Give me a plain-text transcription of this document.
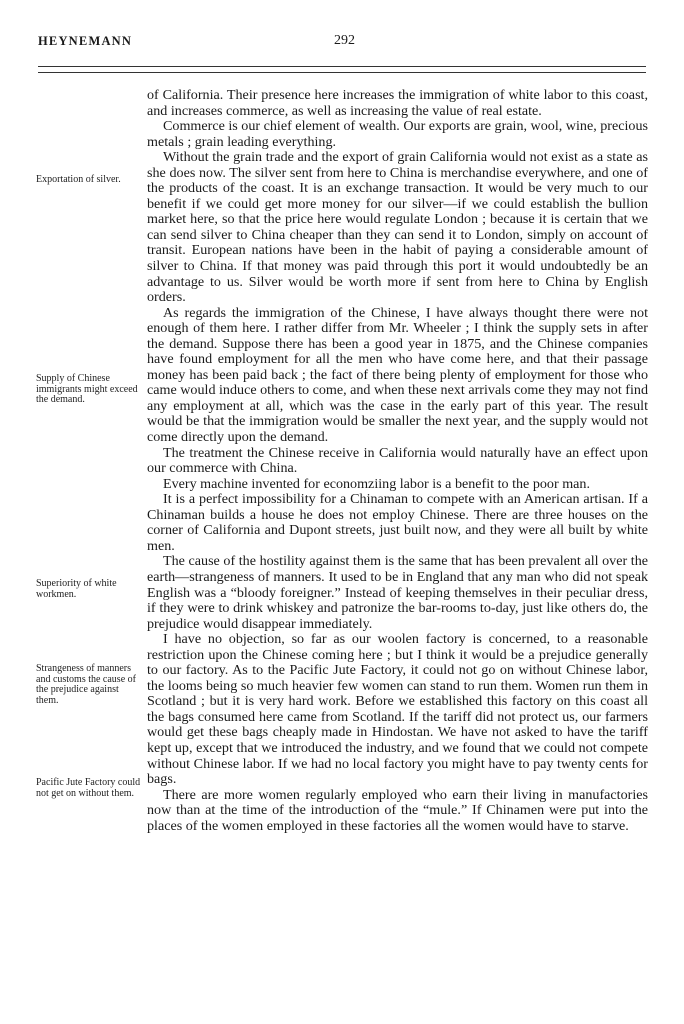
HEYNEMANN	292
Exportation of silver.
Supply of Chinese immigrants might exceed the demand.
Superiority of white workmen.
Strangeness of manners and customs the cause of the prejudice against them.
Pacific Jute Factory could not get on without them.

of California. Their presence here increases the immigration of white labor to this coast, and increases commerce, as well as increasing the value of real estate.

Commerce is our chief element of wealth. Our exports are grain, wool, wine, precious metals ; grain leading everything.

Without the grain trade and the export of grain California would not exist as a state as she does now. The silver sent from here to China is merchandise everywhere, and one of the products of the coast. It is an exchange transaction. It would be very much to our benefit if we could get more money for our silver—if we could establish the bullion market here, so that the price here would regulate London ; because it is certain that we can send silver to China cheaper than they can send it to London, simply on account of transit. European nations have been in the habit of paying a considerable amount of silver to China. If that money was paid through this port it would undoubtedly be an advantage to us. Silver would be worth more if sent from here to China by English orders.

As regards the immigration of the Chinese, I have always thought there were not enough of them here. I rather differ from Mr. Wheeler ; I think the supply sets in after the demand. Suppose there has been a good year in 1875, and the Chinese companies have found employment for all the men who have come here, and that their passage money has been paid back ; the fact of there being plenty of employment for those who came would induce others to come, and when these next arrivals come they may not find any employment at all, which was the case in the early part of this year. The result would be that the immigration would be smaller the next year, and the supply would not come directly upon the demand.

The treatment the Chinese receive in California would naturally have an effect upon our commerce with China.

Every machine invented for economziing labor is a benefit to the poor man.

It is a perfect impossibility for a Chinaman to compete with an American artisan. If a Chinaman builds a house he does not employ Chinese. There are three houses on the corner of California and Dupont streets, just built now, and they were all built by white men.

The cause of the hostility against them is the same that has been prevalent all over the earth—strangeness of manners. It used to be in England that any man who did not speak English was a “bloody foreigner.” Instead of keeping themselves in their peculiar dress, if they were to drink whiskey and patronize the bar-rooms to-day, just like others do, the prejudice would disappear immediately.

I have no objection, so far as our woolen factory is concerned, to a reasonable restriction upon the Chinese coming here ; but I think it would be a prejudice generally to our factory. As to the Pacific Jute Factory, it could not go on without Chinese labor, the looms being so much heavier few women can stand to run them. Women run them in Scotland ; but it is very hard work. Before we established this factory on this coast all the bags consumed here came from Scotland. If the tariff did not protect us, our farmers would get these bags cheaply made in Hindostan. We have not asked to have the tariff kept up, except that we introduced the industry, and we found that we could not compete without Chinese labor. If we had no local factory you might have to pay twenty cents for bags.

There are more women regularly employed who earn their living in manufactories now than at the time of the introduction of the “mule.” If Chinamen were put into the places of the women employed in these factories all the women would have to starve.
